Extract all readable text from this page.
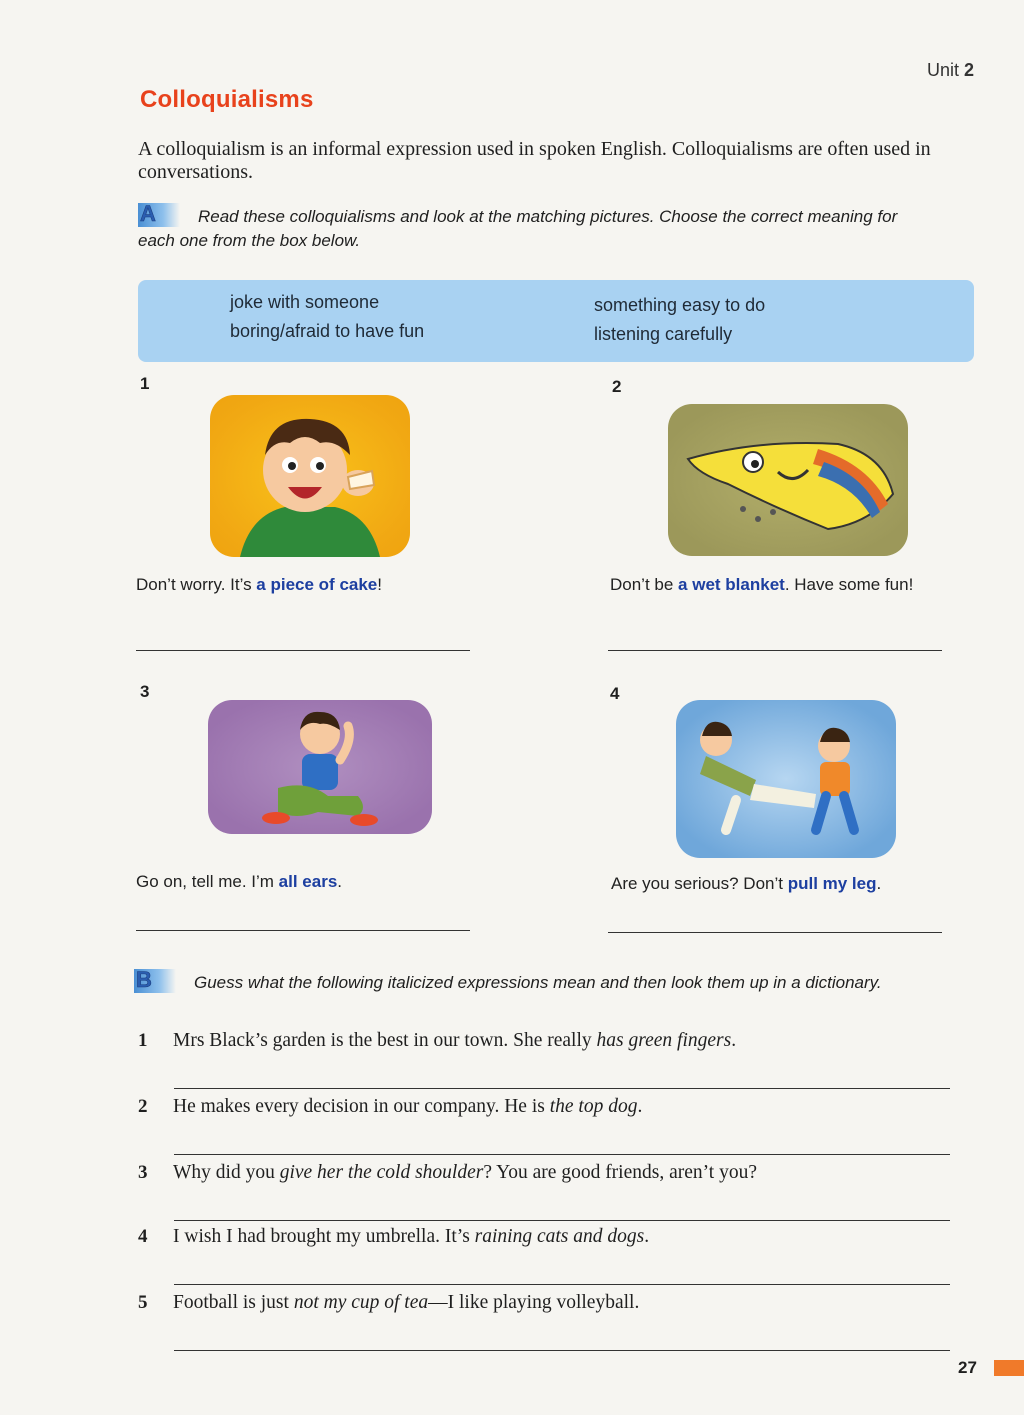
Unit 2
Colloquialisms
A colloquialism is an informal expression used in spoken English. Colloquialisms are often used in conversations.
A Read these colloquialisms and look at the matching pictures. Choose the correct meaning for each one from the box below.
joke with someone
boring/afraid to have fun
something easy to do
listening carefully
1
Don’t worry. It’s a piece of cake!
2
Don’t be a wet blanket. Have some fun!
3
Go on, tell me. I’m all ears.
4
Are you serious? Don’t pull my leg.
B Guess what the following italicized expressions mean and then look them up in a dictionary.
1 Mrs Black’s garden is the best in our town. She really has green fingers.
2 He makes every decision in our company. He is the top dog.
3 Why did you give her the cold shoulder? You are good friends, aren’t you?
4 I wish I had brought my umbrella. It’s raining cats and dogs.
5 Football is just not my cup of tea—I like playing volleyball.
27
